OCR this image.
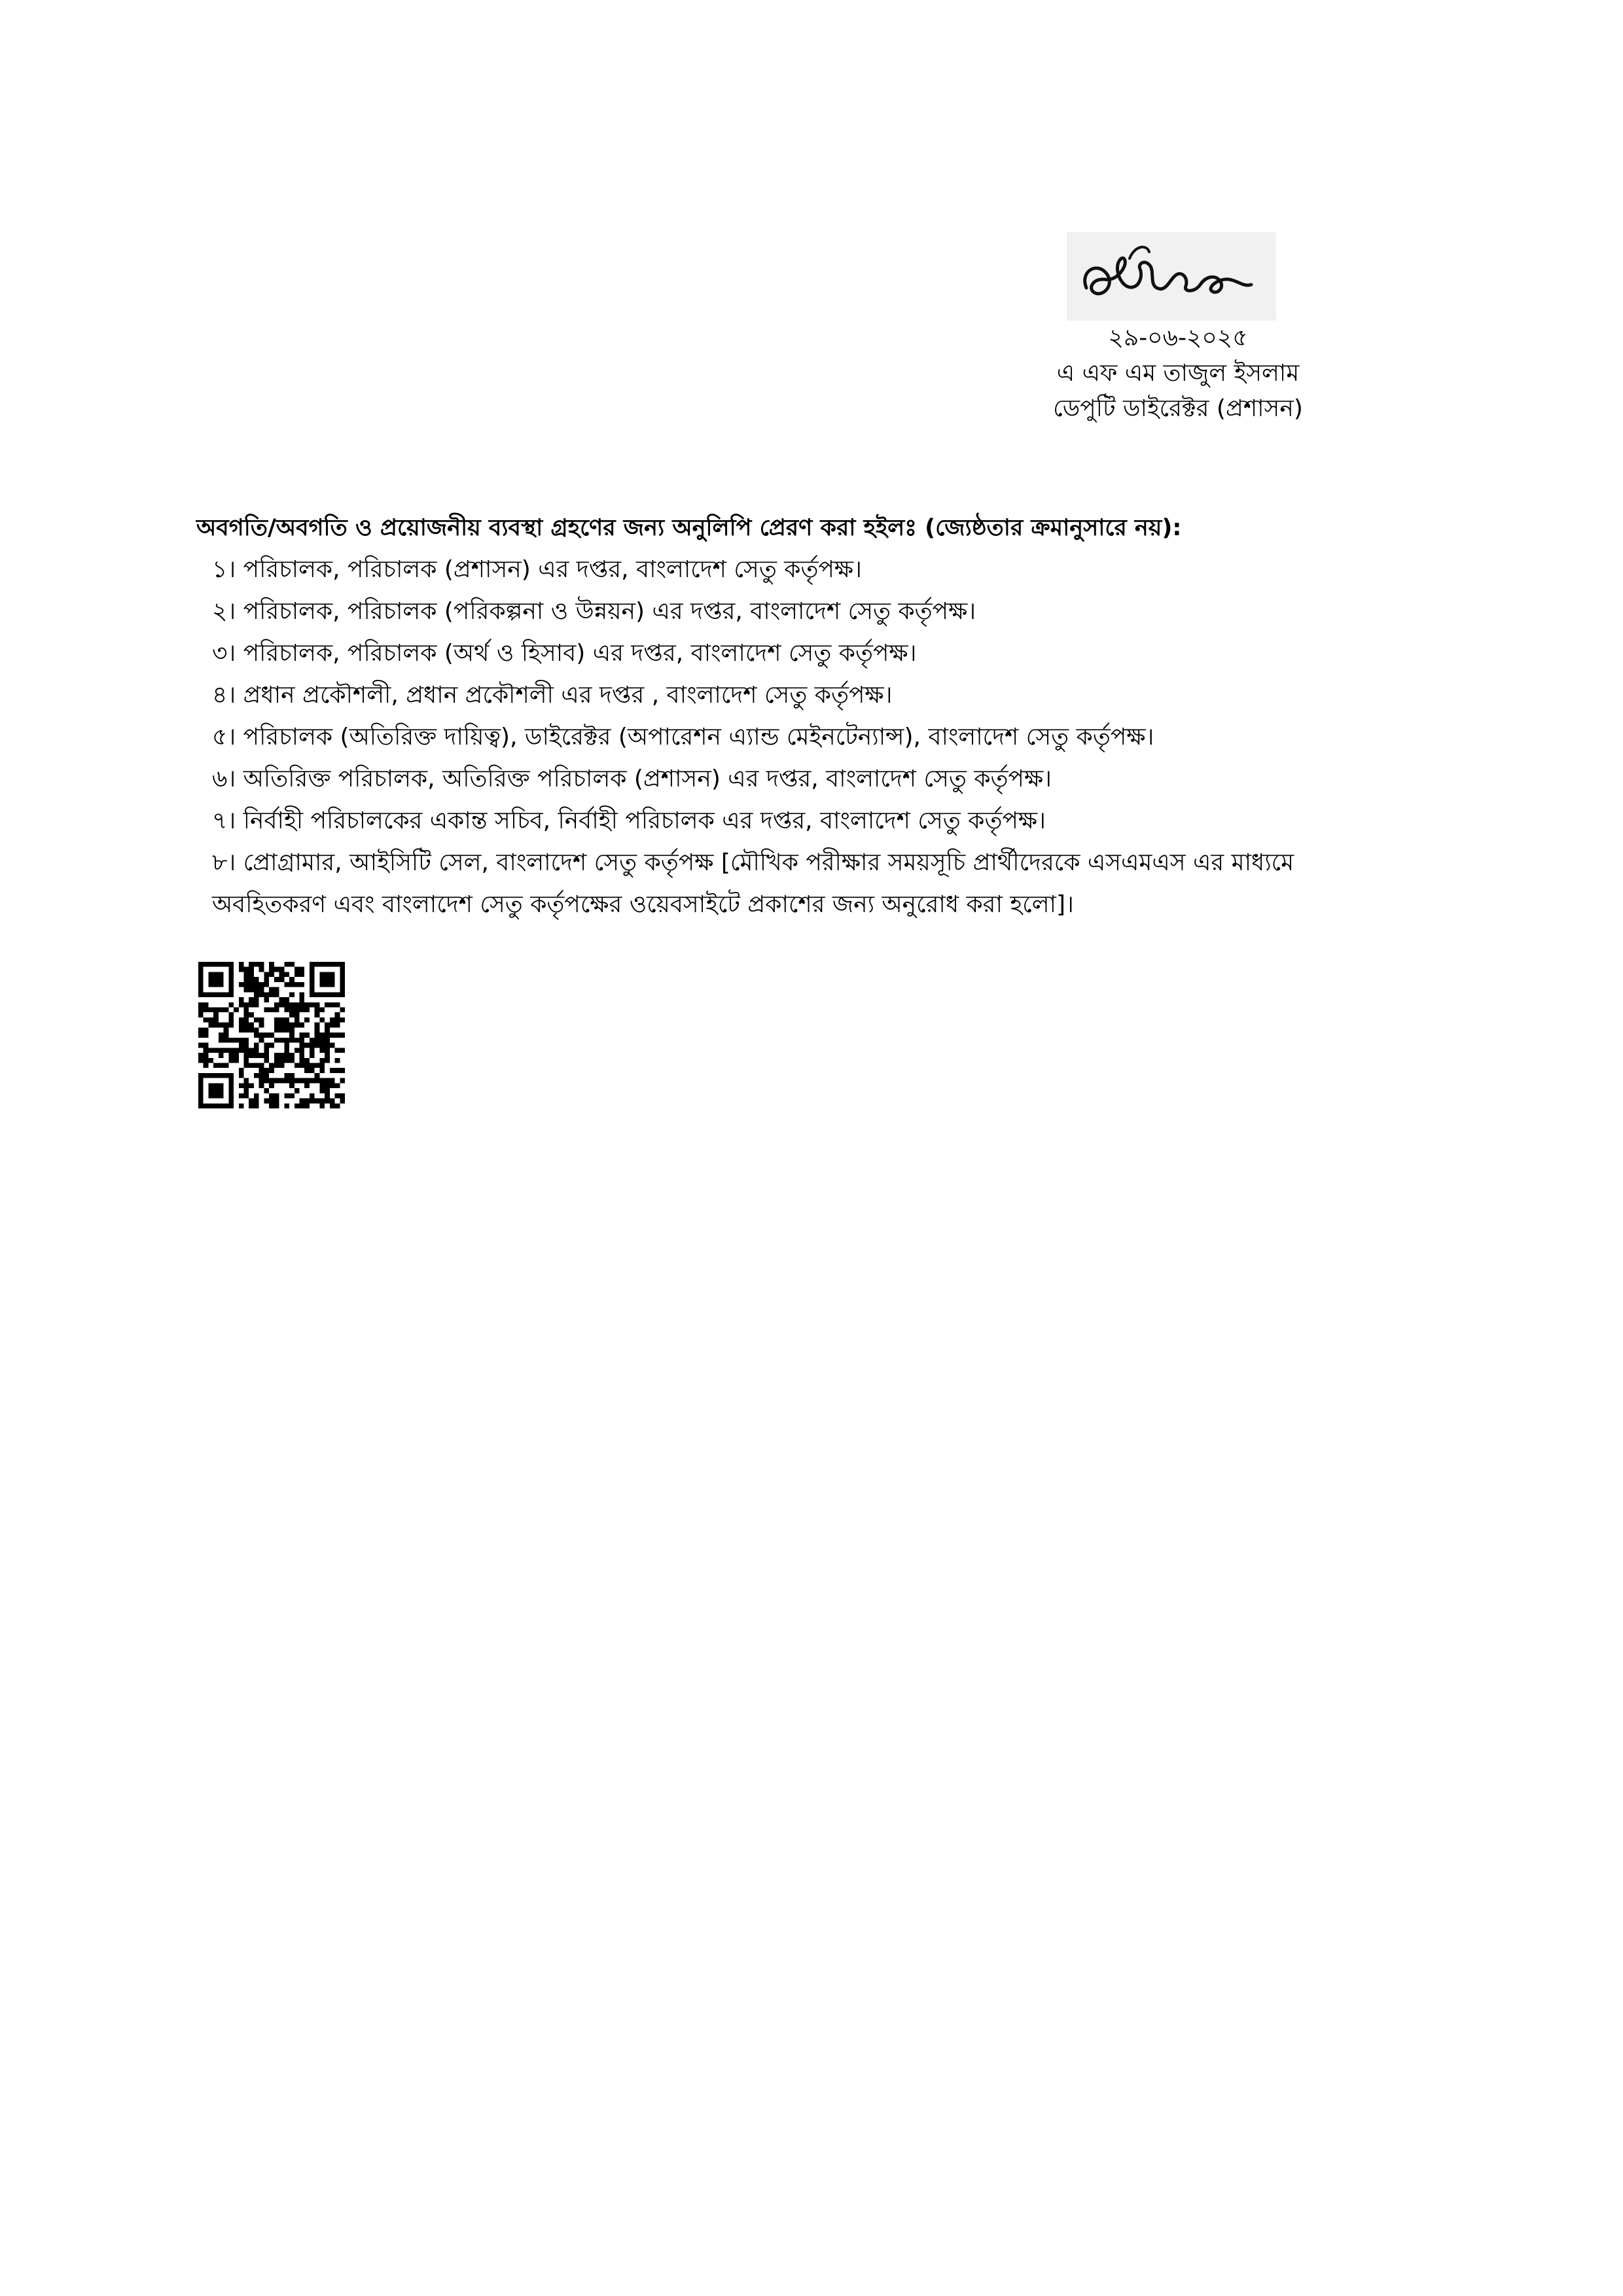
২৯-০৬-২০২৫
এ এফ এম তাজুল ইসলাম
ডেপুটি ডাইরেক্টর (প্রশাসন)
অবগতি/অবগতি ও প্রয়োজনীয় ব্যবস্থা গ্রহণের জন্য অনুলিপি প্রেরণ করা হইলঃ (জ্যেষ্ঠতার ক্রমানুসারে নয়):
১। পরিচালক, পরিচালক (প্রশাসন) এর দপ্তর, বাংলাদেশ সেতু কর্তৃপক্ষ।
২। পরিচালক, পরিচালক (পরিকল্পনা ও উন্নয়ন) এর দপ্তর, বাংলাদেশ সেতু কর্তৃপক্ষ।
৩। পরিচালক, পরিচালক (অর্থ ও হিসাব) এর দপ্তর, বাংলাদেশ সেতু কর্তৃপক্ষ।
৪। প্রধান প্রকৌশলী, প্রধান প্রকৌশলী এর দপ্তর , বাংলাদেশ সেতু কর্তৃপক্ষ।
৫। পরিচালক (অতিরিক্ত দায়িত্ব), ডাইরেক্টর (অপারেশন এ্যান্ড মেইনটেন্যান্স), বাংলাদেশ সেতু কর্তৃপক্ষ।
৬। অতিরিক্ত পরিচালক, অতিরিক্ত পরিচালক (প্রশাসন) এর দপ্তর, বাংলাদেশ সেতু কর্তৃপক্ষ।
৭। নির্বাহী পরিচালকের একান্ত সচিব, নির্বাহী পরিচালক এর দপ্তর, বাংলাদেশ সেতু কর্তৃপক্ষ।
৮। প্রোগ্রামার, আইসিটি সেল, বাংলাদেশ সেতু কর্তৃপক্ষ [মৌখিক পরীক্ষার সময়সূচি প্রার্থীদেরকে এসএমএস এর মাধ্যমে
অবহিতকরণ এবং বাংলাদেশ সেতু কর্তৃপক্ষের ওয়েবসাইটে প্রকাশের জন্য অনুরোধ করা হলো]।
